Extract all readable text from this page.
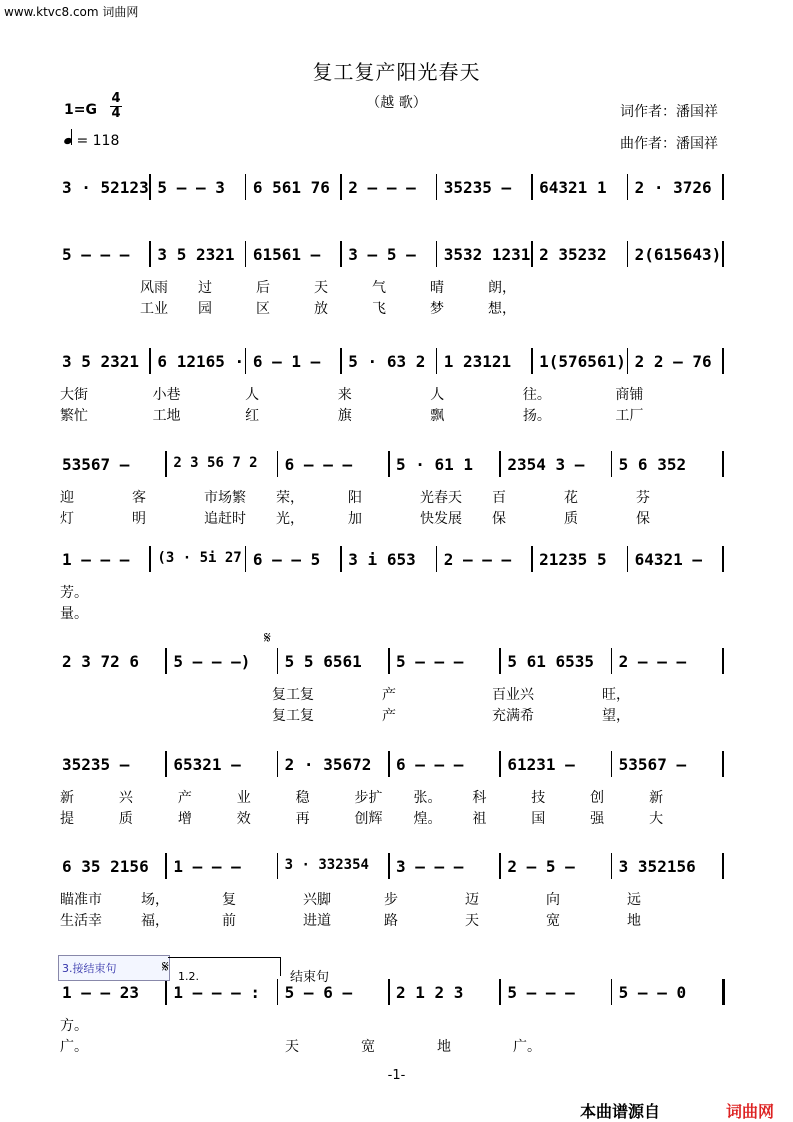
www.ktvc8.com 词曲网
复工复产阳光春天
（越 歌）
1=G
4
4
= 118
词作者：潘国祥
曲作者：潘国祥
3 · 52123 5 – – 3 6 561 76 2 – – – 35235 – 64321 1 2 · 3726
5 – – – 3 5 2321 61561 – 3 – 5 – 3532 1231 2 35232 2(615643)
风雨 过	后	天	气	晴	朗，
工业 园	区	放	飞	梦	想，
3 5 2321 6 12165 · 6 – 1 – 5 · 63 2 1 23121 1(576561) 2 2 – 76
大街	小巷	人	来	人	往。	商铺
繁忙	工地	红	旗	飘	扬。	工厂
53567 –	2 3 56 7 2 6 – – –	5 · 61 1 2354 3 – 5 6 352
迎	客	市场繁 荣，	阳	光春天 百	花	芬
灯	明	追赶时 光，	加	快发展 保	质	保
1 – – – (3 · 5i 27 6 – – 5 3 i 653 2 – – – 21235 5 64321 –
芳。
量。
2 3 72 6 5 – – –) 5 5 6561 5 – – –	5 61 6535 2 – – –
复工复	产	百业兴	旺，
复工复	产	充满希	望，
35235 –	65321 –	2 · 35672 6 – – –	61231 –	53567 –
新	兴	产	业	稳	步扩 张。 科	技	创	新
提	质	增	效	再	创辉 煌。 祖	国	强	大
6 35 2156 1 – – –	3 · 332354 3 – – –	2 – 5 –	3 352156
瞄准市	场，	复	兴脚	步	迈	向	远
生活幸	福，	前	进道	路	天	宽	地
1 – – 23 1 – – – : 5 – 6 –	2 1 2 3	5 – – –	5 – – 0
方。
广。	天	宽	地	广。
3.接结束句
1.2.	结束句
𝄋
𝄋
-1-
本曲谱源自	词曲网
